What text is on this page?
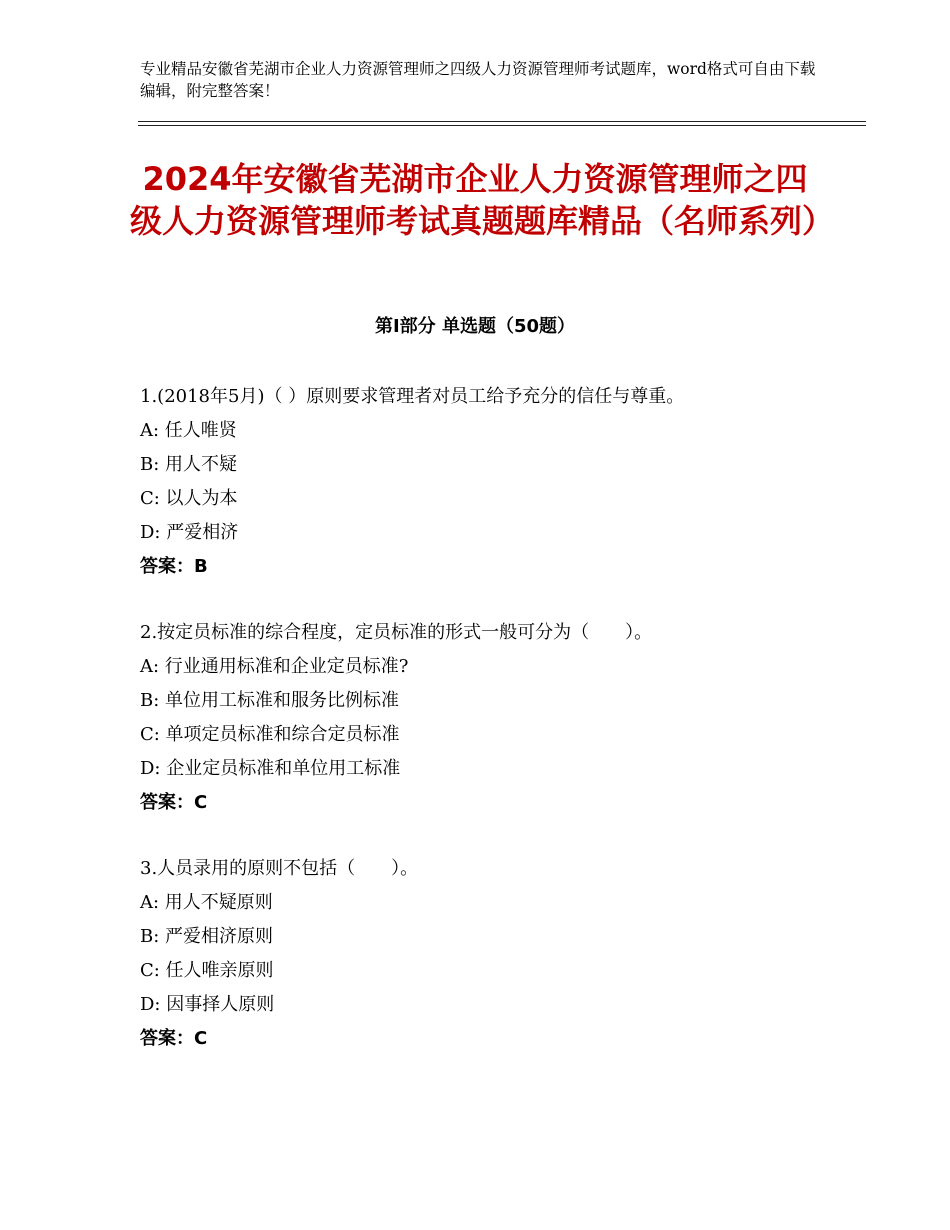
专业精品安徽省芜湖市企业人力资源管理师之四级人力资源管理师考试题库，word格式可自由下载编辑，附完整答案！
2024年安徽省芜湖市企业人力资源管理师之四级人力资源管理师考试真题题库精品（名师系列）
第Ⅰ部分 单选题（50题）
1.(2018年5月)（ ）原则要求管理者对员工给予充分的信任与尊重。
A: 任人唯贤
B: 用人不疑
C: 以人为本
D: 严爱相济
答案：B
2.按定员标准的综合程度，定员标准的形式一般可分为（　　）。
A: 行业通用标准和企业定员标准?
B: 单位用工标准和服务比例标准
C: 单项定员标准和综合定员标准
D: 企业定员标准和单位用工标准
答案：C
3.人员录用的原则不包括（　　）。
A: 用人不疑原则
B: 严爱相济原则
C: 任人唯亲原则
D: 因事择人原则
答案：C
